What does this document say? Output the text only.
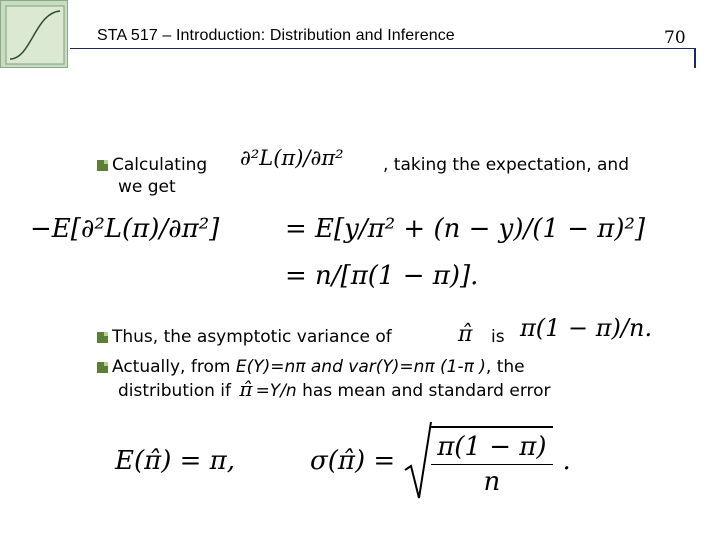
STA 517 – Introduction: Distribution and Inference	70
Calculating ∂²L(π)/∂π² , taking the expectation, and
we get
−E[∂²L(π)/∂π²]	= E[y/π² + (n − y)/(1 − π)²]
= n/[π(1 − π)].
Thus, the asymptotic variance of	π̂ is π(1 − π)/n.
Actually, from E(Y)=nπ and var(Y)=nπ (1-π ), the
distribution if π̂ =Y/n has mean and standard error
E(π̂) = π,	σ(π̂) = $\frac{\pi(1 - \pi)}{n}$ .
